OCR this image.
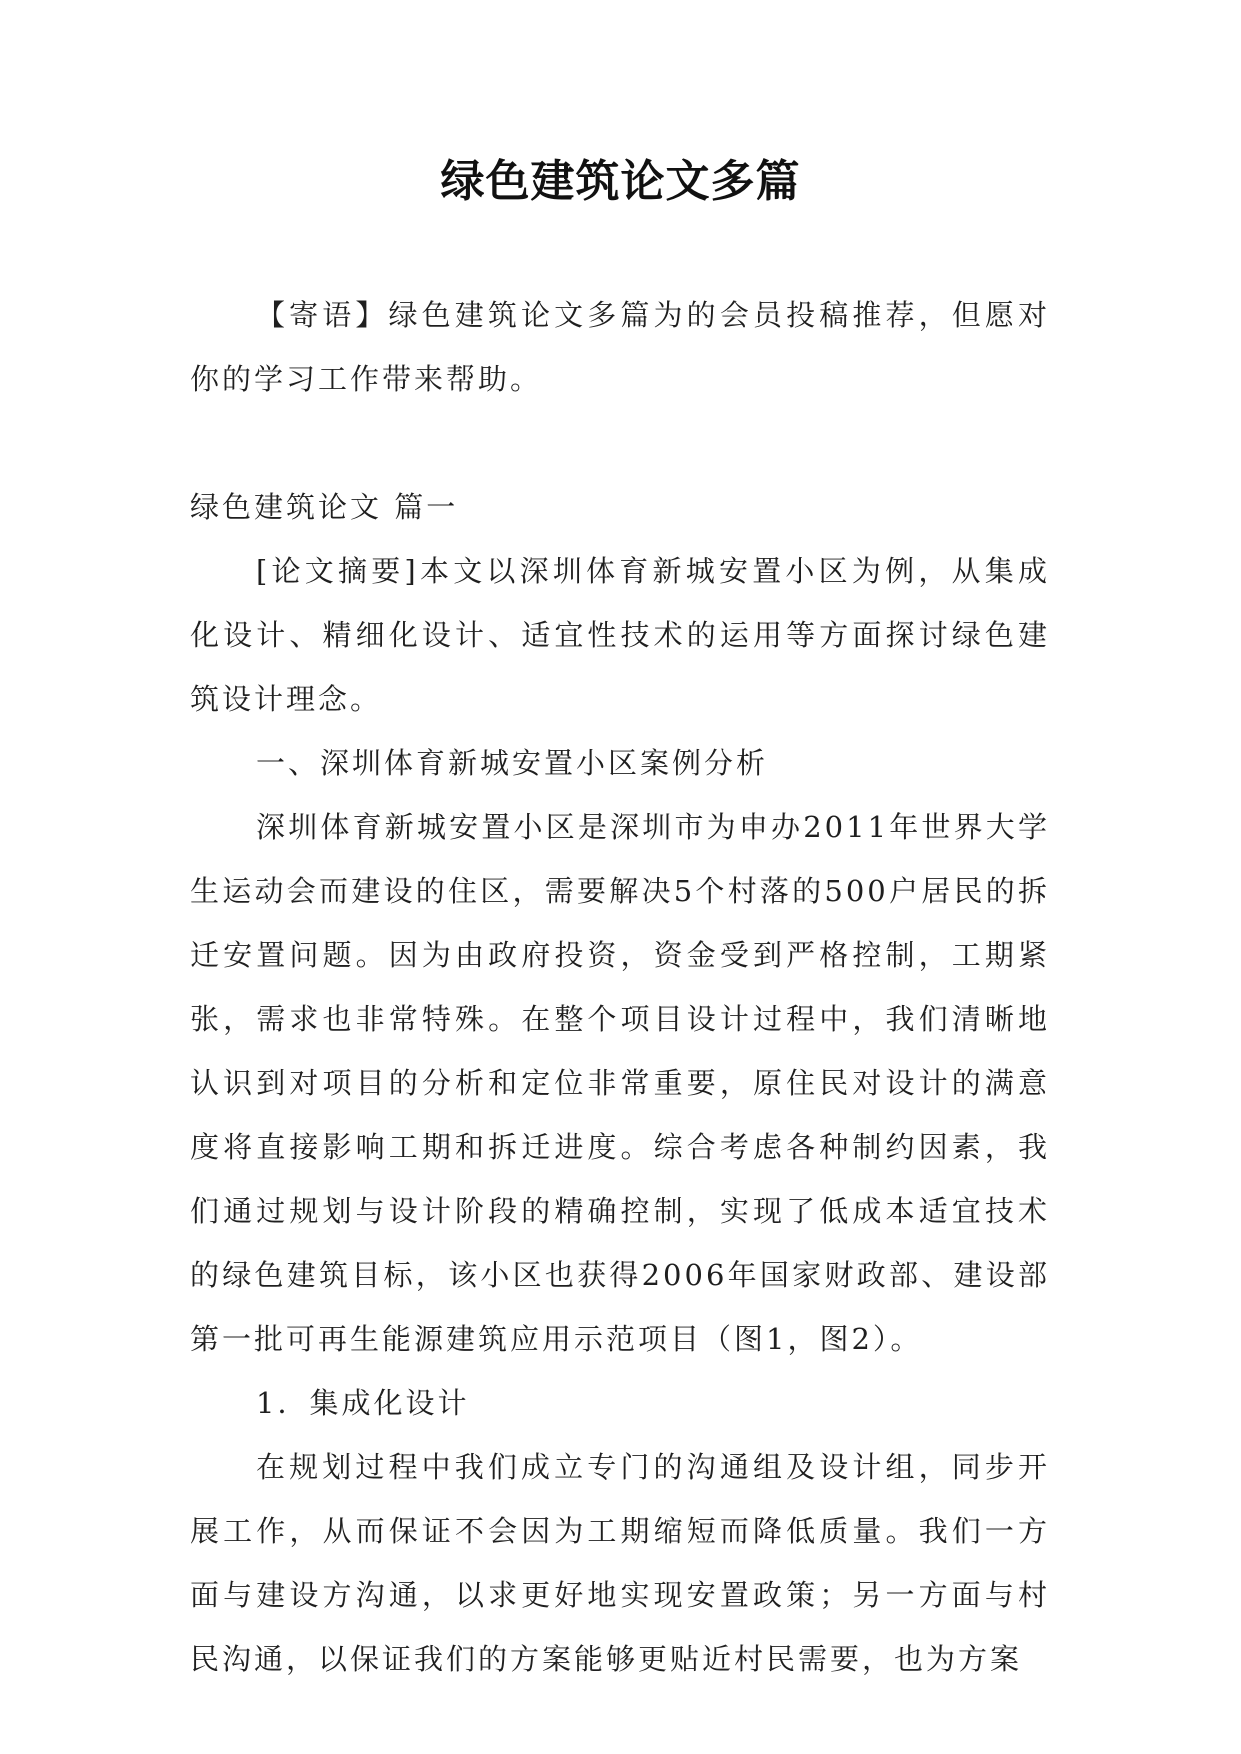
绿色建筑论文多篇

【寄语】绿色建筑论文多篇为的会员投稿推荐，但愿对你的学习工作带来帮助。

绿色建筑论文 篇一

[论文摘要]本文以深圳体育新城安置小区为例，从集成化设计、精细化设计、适宜性技术的运用等方面探讨绿色建筑设计理念。

一、深圳体育新城安置小区案例分析

深圳体育新城安置小区是深圳市为申办2011年世界大学生运动会而建设的住区，需要解决5个村落的500户居民的拆迁安置问题。因为由政府投资，资金受到严格控制，工期紧张，需求也非常特殊。在整个项目设计过程中，我们清晰地认识到对项目的分析和定位非常重要，原住民对设计的满意度将直接影响工期和拆迁进度。综合考虑各种制约因素，我们通过规划与设计阶段的精确控制，实现了低成本适宜技术的绿色建筑目标，该小区也获得2006年国家财政部、建设部第一批可再生能源建筑应用示范项目（图1，图2）。

1．集成化设计

在规划过程中我们成立专门的沟通组及设计组，同步开展工作，从而保证不会因为工期缩短而降低质量。我们一方面与建设方沟通，以求更好地实现安置政策；另一方面与村民沟通，以保证我们的方案能够更贴近村民需要，也为方案
